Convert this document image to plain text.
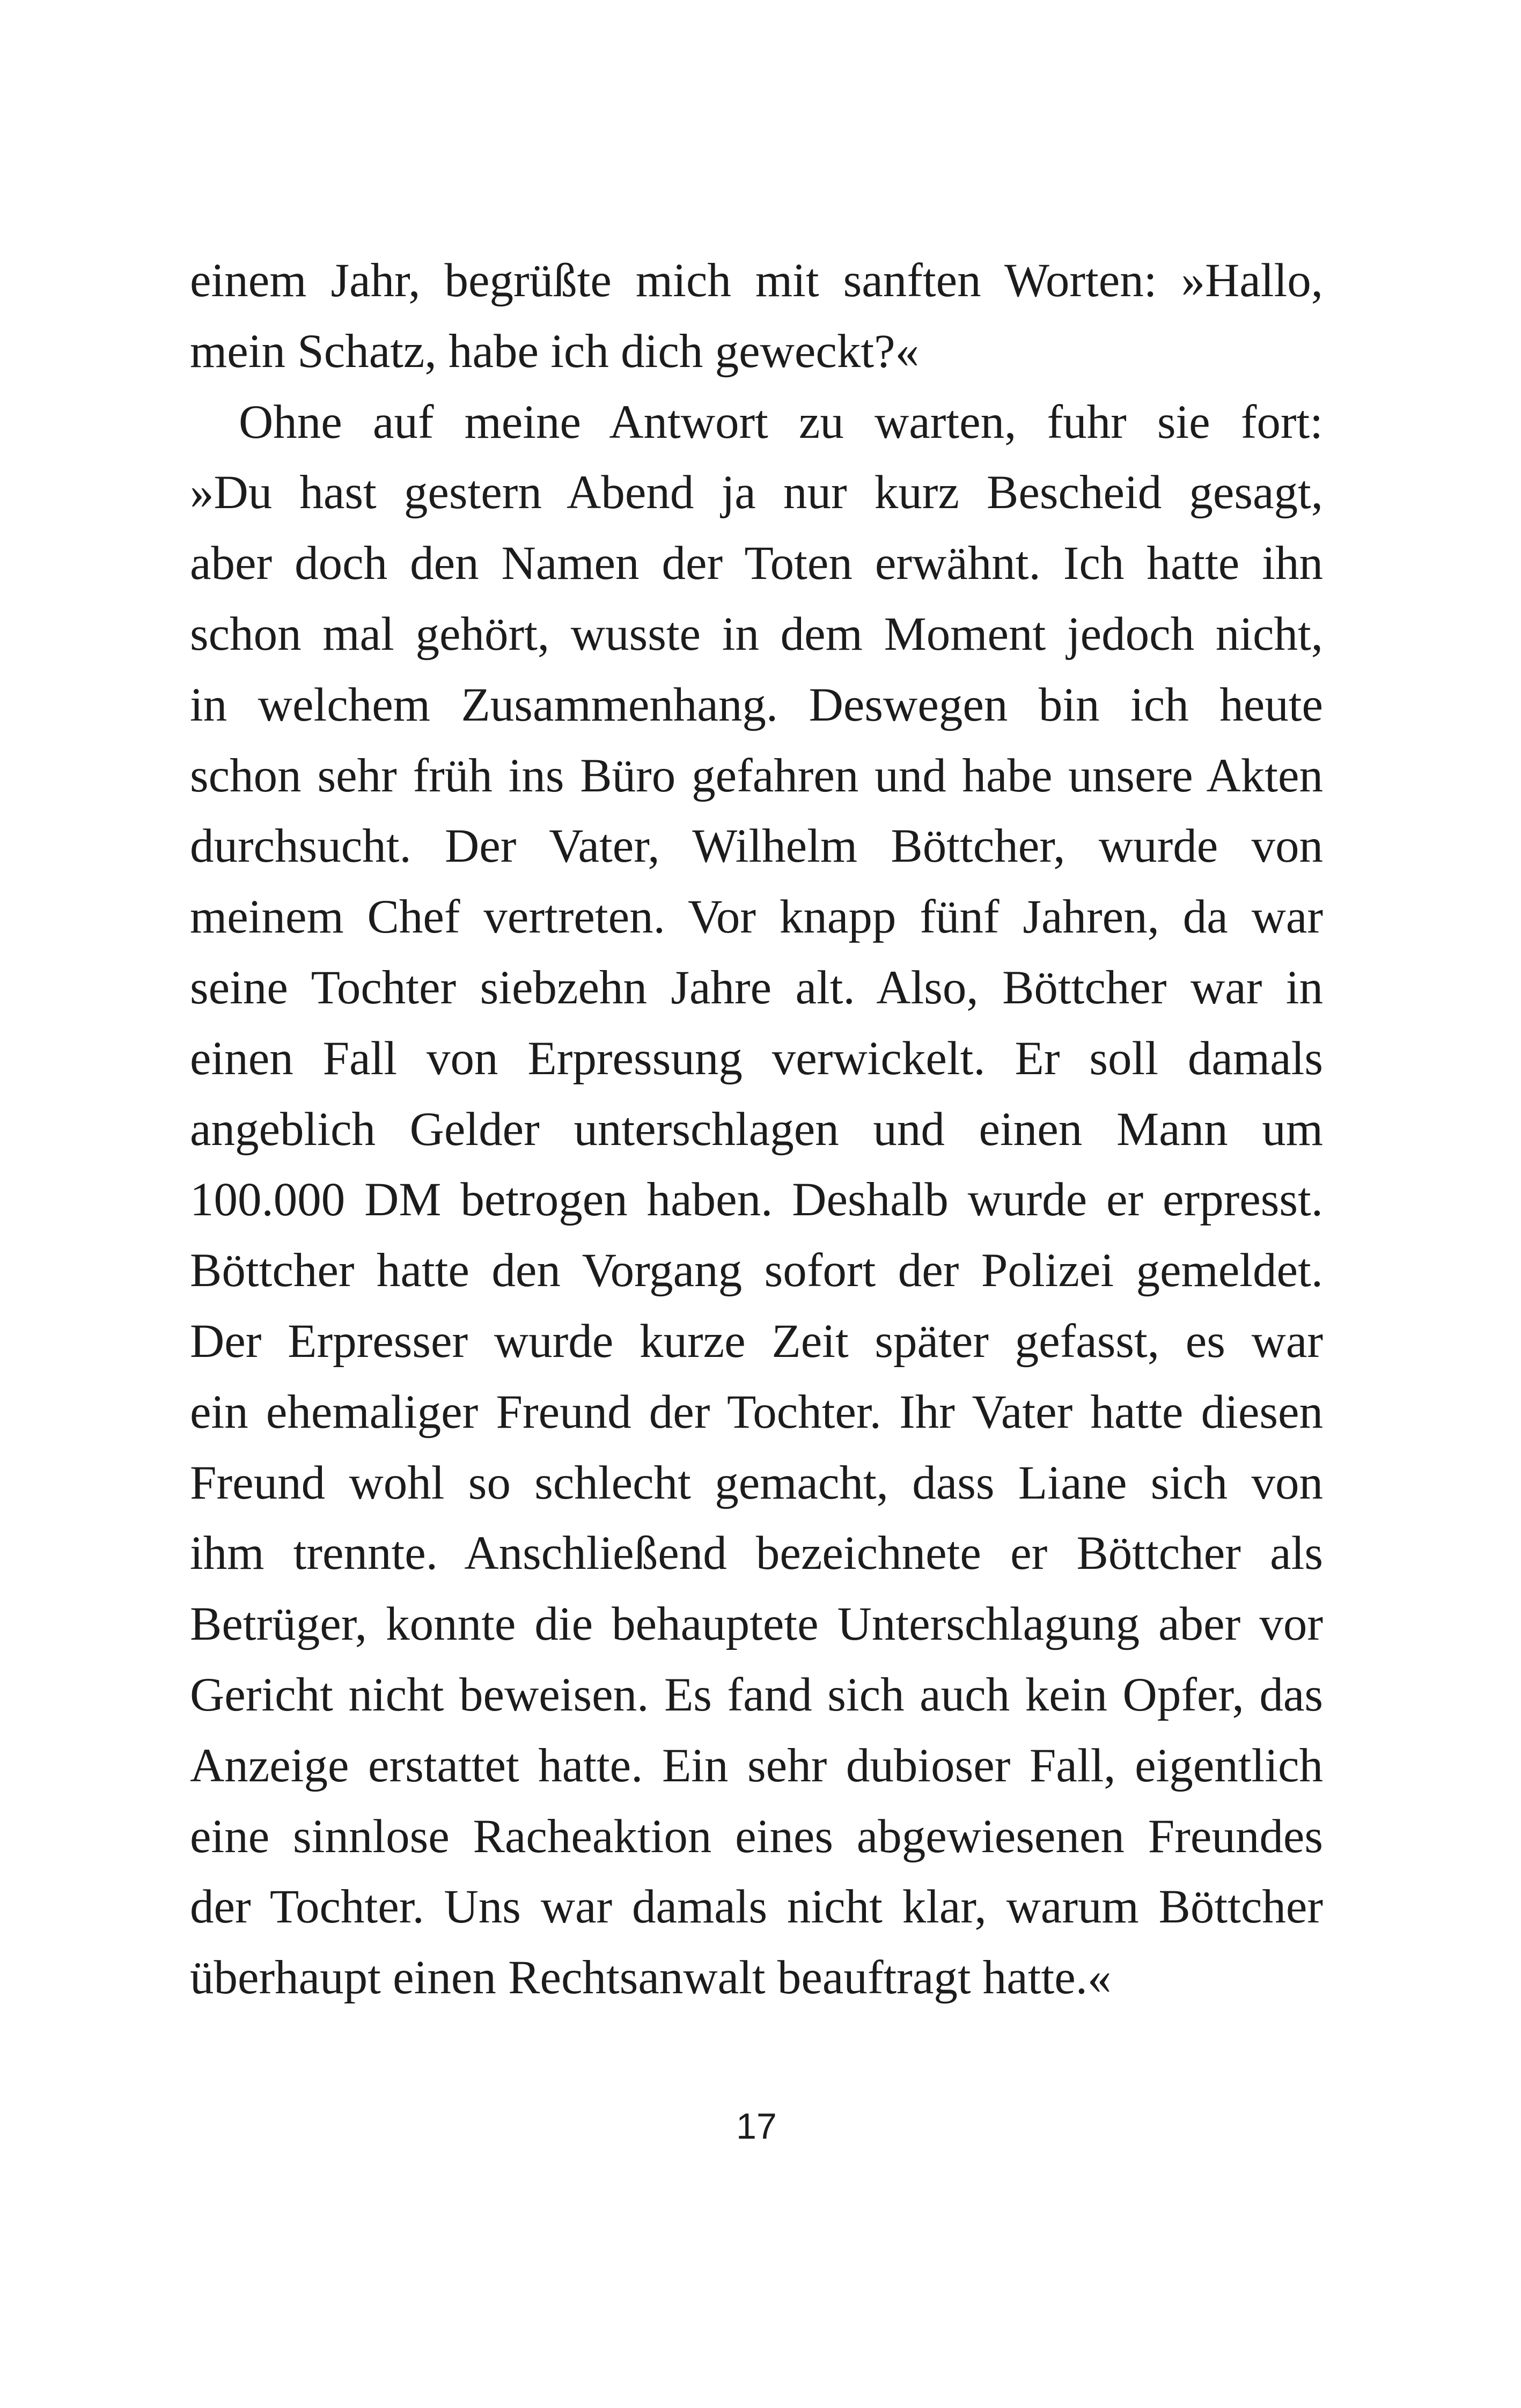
einem Jahr, begrüßte mich mit sanften Worten: »Hallo,
mein Schatz, habe ich dich geweckt?«
Ohne auf meine Antwort zu warten, fuhr sie fort:
»Du hast gestern Abend ja nur kurz Bescheid gesagt,
aber doch den Namen der Toten erwähnt. Ich hatte ihn
schon mal gehört, wusste in dem Moment jedoch nicht,
in welchem Zusammenhang. Deswegen bin ich heute
schon sehr früh ins Büro gefahren und habe unsere Akten
durchsucht. Der Vater, Wilhelm Böttcher, wurde von
meinem Chef vertreten. Vor knapp fünf Jahren, da war
seine Tochter siebzehn Jahre alt. Also, Böttcher war in
einen Fall von Erpressung verwickelt. Er soll damals
angeblich Gelder unterschlagen und einen Mann um
100.000 DM betrogen haben. Deshalb wurde er erpresst.
Böttcher hatte den Vorgang sofort der Polizei gemeldet.
Der Erpresser wurde kurze Zeit später gefasst, es war
ein ehemaliger Freund der Tochter. Ihr Vater hatte diesen
Freund wohl so schlecht gemacht, dass Liane sich von
ihm trennte. Anschließend bezeichnete er Böttcher als
Betrüger, konnte die behauptete Unterschlagung aber vor
Gericht nicht beweisen. Es fand sich auch kein Opfer, das
Anzeige erstattet hatte. Ein sehr dubioser Fall, eigentlich
eine sinnlose Racheaktion eines abgewiesenen Freundes
der Tochter. Uns war damals nicht klar, warum Böttcher
überhaupt einen Rechtsanwalt beauftragt hatte.«
17
